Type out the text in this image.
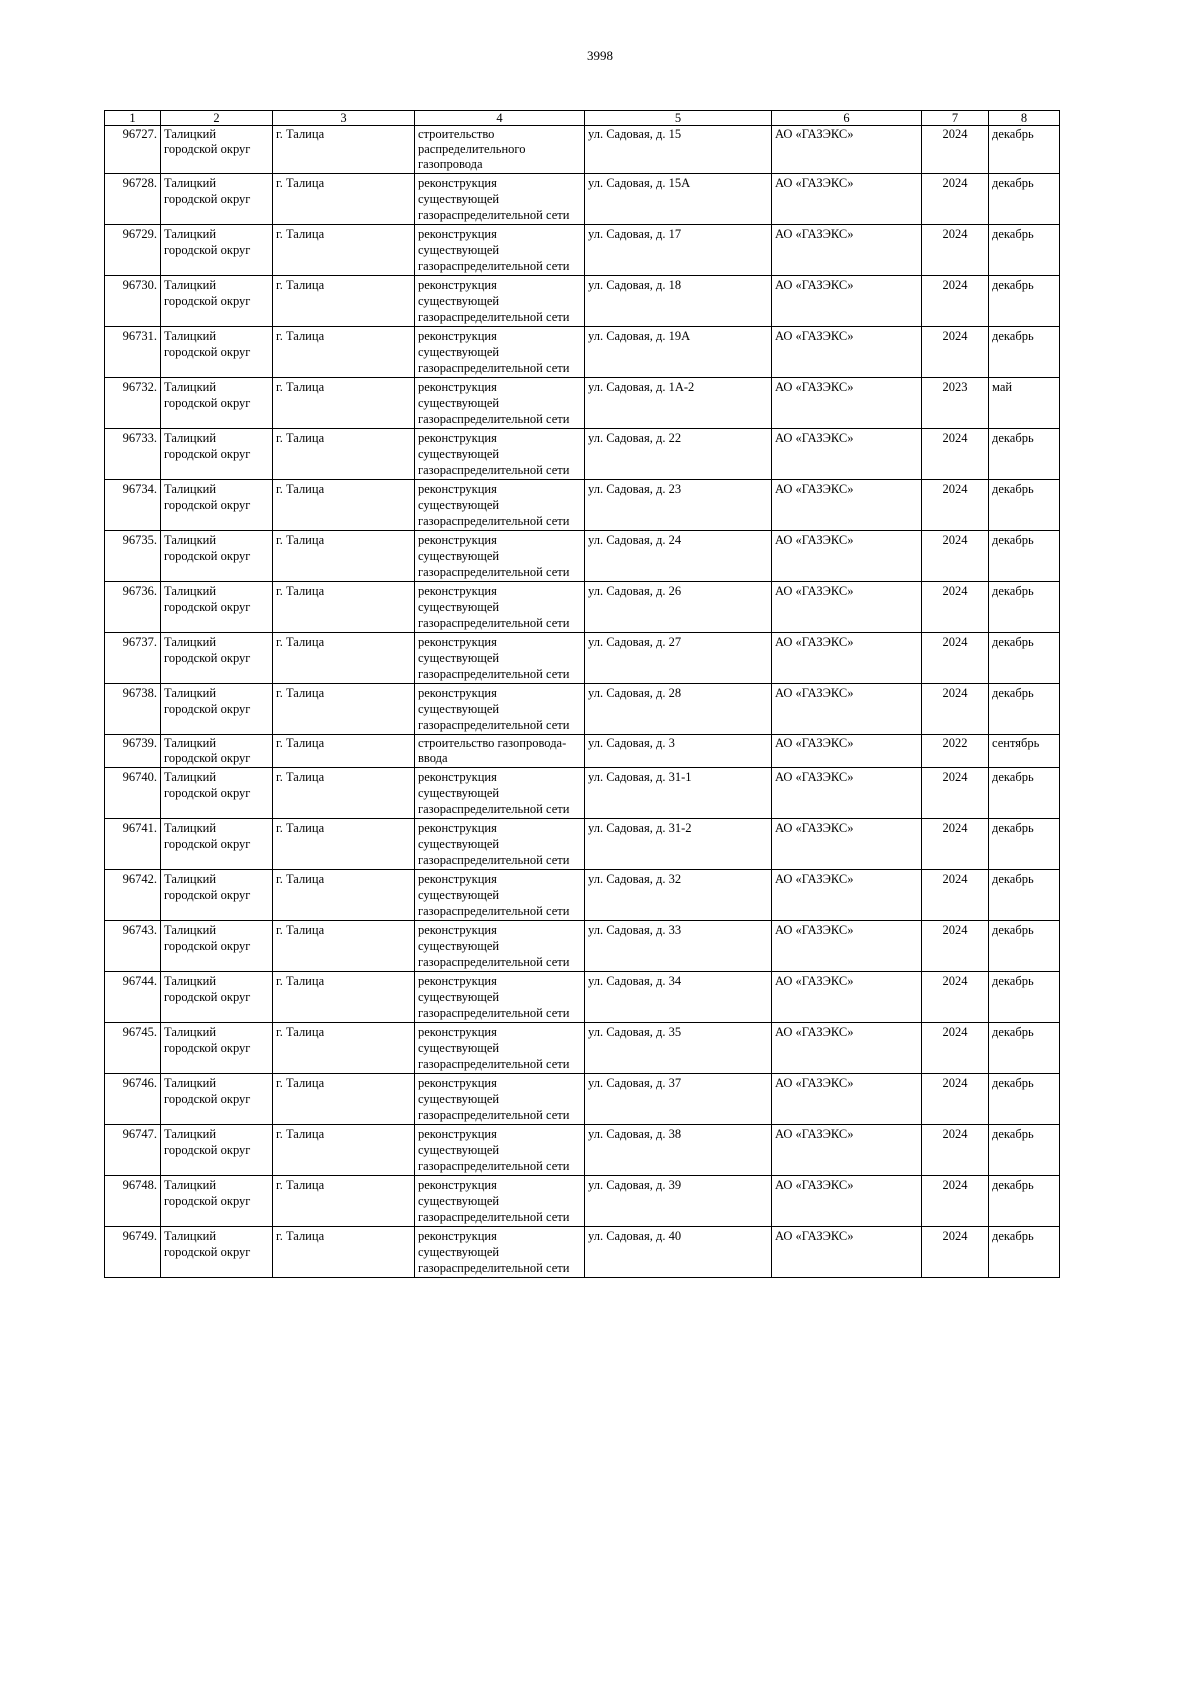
3998
1	2	3	4	5	6	7	8
96727.	Талицкий городской округ	г. Талица	строительство распределительного газопровода	ул. Садовая, д. 15	АО «ГАЗЭКС»	2024	декабрь
96728.	Талицкий городской округ	г. Талица	реконструкция существующей газораспределительной сети	ул. Садовая, д. 15А	АО «ГАЗЭКС»	2024	декабрь
96729.	Талицкий городской округ	г. Талица	реконструкция существующей газораспределительной сети	ул. Садовая, д. 17	АО «ГАЗЭКС»	2024	декабрь
96730.	Талицкий городской округ	г. Талица	реконструкция существующей газораспределительной сети	ул. Садовая, д. 18	АО «ГАЗЭКС»	2024	декабрь
96731.	Талицкий городской округ	г. Талица	реконструкция существующей газораспределительной сети	ул. Садовая, д. 19А	АО «ГАЗЭКС»	2024	декабрь
96732.	Талицкий городской округ	г. Талица	реконструкция существующей газораспределительной сети	ул. Садовая, д. 1А-2	АО «ГАЗЭКС»	2023	май
96733.	Талицкий городской округ	г. Талица	реконструкция существующей газораспределительной сети	ул. Садовая, д. 22	АО «ГАЗЭКС»	2024	декабрь
96734.	Талицкий городской округ	г. Талица	реконструкция существующей газораспределительной сети	ул. Садовая, д. 23	АО «ГАЗЭКС»	2024	декабрь
96735.	Талицкий городской округ	г. Талица	реконструкция существующей газораспределительной сети	ул. Садовая, д. 24	АО «ГАЗЭКС»	2024	декабрь
96736.	Талицкий городской округ	г. Талица	реконструкция существующей газораспределительной сети	ул. Садовая, д. 26	АО «ГАЗЭКС»	2024	декабрь
96737.	Талицкий городской округ	г. Талица	реконструкция существующей газораспределительной сети	ул. Садовая, д. 27	АО «ГАЗЭКС»	2024	декабрь
96738.	Талицкий городской округ	г. Талица	реконструкция существующей газораспределительной сети	ул. Садовая, д. 28	АО «ГАЗЭКС»	2024	декабрь
96739.	Талицкий городской округ	г. Талица	строительство газопровода-ввода	ул. Садовая, д. 3	АО «ГАЗЭКС»	2022	сентябрь
96740.	Талицкий городской округ	г. Талица	реконструкция существующей газораспределительной сети	ул. Садовая, д. 31-1	АО «ГАЗЭКС»	2024	декабрь
96741.	Талицкий городской округ	г. Талица	реконструкция существующей газораспределительной сети	ул. Садовая, д. 31-2	АО «ГАЗЭКС»	2024	декабрь
96742.	Талицкий городской округ	г. Талица	реконструкция существующей газораспределительной сети	ул. Садовая, д. 32	АО «ГАЗЭКС»	2024	декабрь
96743.	Талицкий городской округ	г. Талица	реконструкция существующей газораспределительной сети	ул. Садовая, д. 33	АО «ГАЗЭКС»	2024	декабрь
96744.	Талицкий городской округ	г. Талица	реконструкция существующей газораспределительной сети	ул. Садовая, д. 34	АО «ГАЗЭКС»	2024	декабрь
96745.	Талицкий городской округ	г. Талица	реконструкция существующей газораспределительной сети	ул. Садовая, д. 35	АО «ГАЗЭКС»	2024	декабрь
96746.	Талицкий городской округ	г. Талица	реконструкция существующей газораспределительной сети	ул. Садовая, д. 37	АО «ГАЗЭКС»	2024	декабрь
96747.	Талицкий городской округ	г. Талица	реконструкция существующей газораспределительной сети	ул. Садовая, д. 38	АО «ГАЗЭКС»	2024	декабрь
96748.	Талицкий городской округ	г. Талица	реконструкция существующей газораспределительной сети	ул. Садовая, д. 39	АО «ГАЗЭКС»	2024	декабрь
96749.	Талицкий городской округ	г. Талица	реконструкция существующей газораспределительной сети	ул. Садовая, д. 40	АО «ГАЗЭКС»	2024	декабрь
